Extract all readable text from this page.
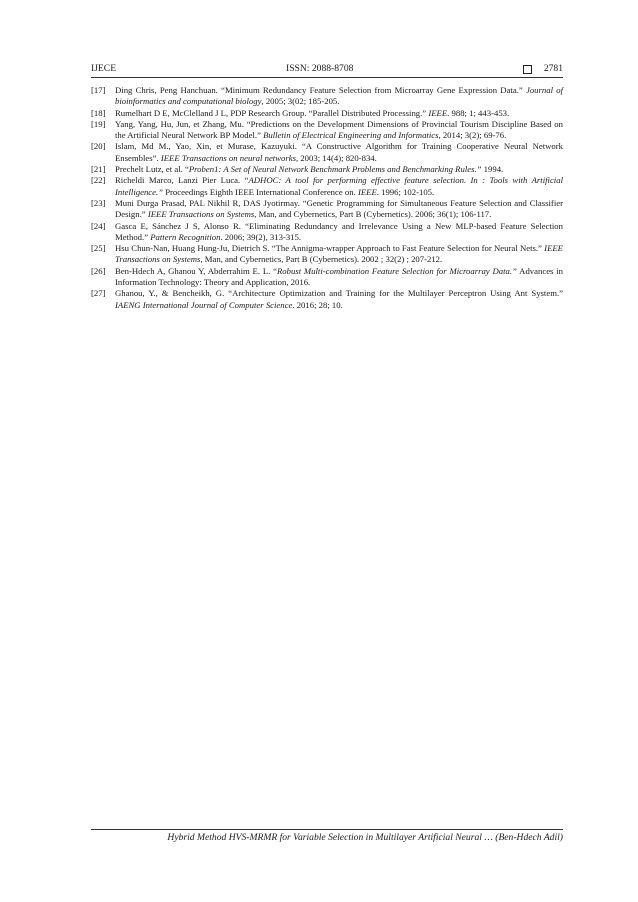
IJECE	ISSN: 2088-8708	2781
[17] Ding Chris, Peng Hanchuan. “Minimum Redundancy Feature Selection from Microarray Gene Expression Data.” Journal of bioinformatics and computational biology, 2005; 3(02; 185-205.
[18] Rumelhart D E, McClelland J L, PDP Research Group. “Parallel Distributed Processing.” IEEE. 988; 1; 443-453.
[19] Yang, Yang, Hu, Jun, et Zhang, Mu. “Predictions on the Development Dimensions of Provincial Tourism Discipline Based on the Artificial Neural Network BP Model.” Bulletin of Electrical Engineering and Informatics, 2014; 3(2); 69-76.
[20] Islam, Md M., Yao, Xin, et Murase, Kazuyuki. “A Constructive Algorithm for Training Cooperative Neural Network Ensembles”. IEEE Transactions on neural networks, 2003; 14(4); 820-834.
[21] Prechelt Lutz, et al. “Proben1: A Set of Neural Network Benchmark Problems and Benchmarking Rules.” 1994.
[22] Richeldi Marco, Lanzi Pier Luca. “ADHOC: A tool for performing effective feature selection. In : Tools with Artificial Intelligence.” Proceedings Eighth IEEE International Conference on. IEEE. 1996; 102-105.
[23] Muni Durga Prasad, PAL Nikhil R, DAS Jyotirmay. “Genetic Programming for Simultaneous Feature Selection and Classifier Design.” IEEE Transactions on Systems, Man, and Cybernetics, Part B (Cybernetics). 2006; 36(1); 106-117.
[24] Gasca E, Sánchez J S, Alonso R. “Eliminating Redundancy and Irrelevance Using a New MLP-based Feature Selection Method.” Pattern Recognition. 2006; 39(2), 313-315.
[25] Hsu Chun-Nan, Huang Hung-Ju, Dietrich S. “The Annigma-wrapper Approach to Fast Feature Selection for Neural Nets.” IEEE Transactions on Systems, Man, and Cybernetics, Part B (Cybernetics). 2002 ; 32(2) ; 207-212.
[26] Ben-Hdech A, Ghanou Y, Abderrahim E. L. “Robust Multi-combination Feature Selection for Microarray Data.” Advances in Information Technology: Theory and Application, 2016.
[27] Ghanou, Y., & Bencheikh, G. “Architecture Optimization and Training for the Multilayer Perceptron Using Ant System.” IAENG International Journal of Computer Science. 2016; 28; 10.
Hybrid Method HVS-MRMR for Variable Selection in Multilayer Artificial Neural … (Ben-Hdech Adil)
